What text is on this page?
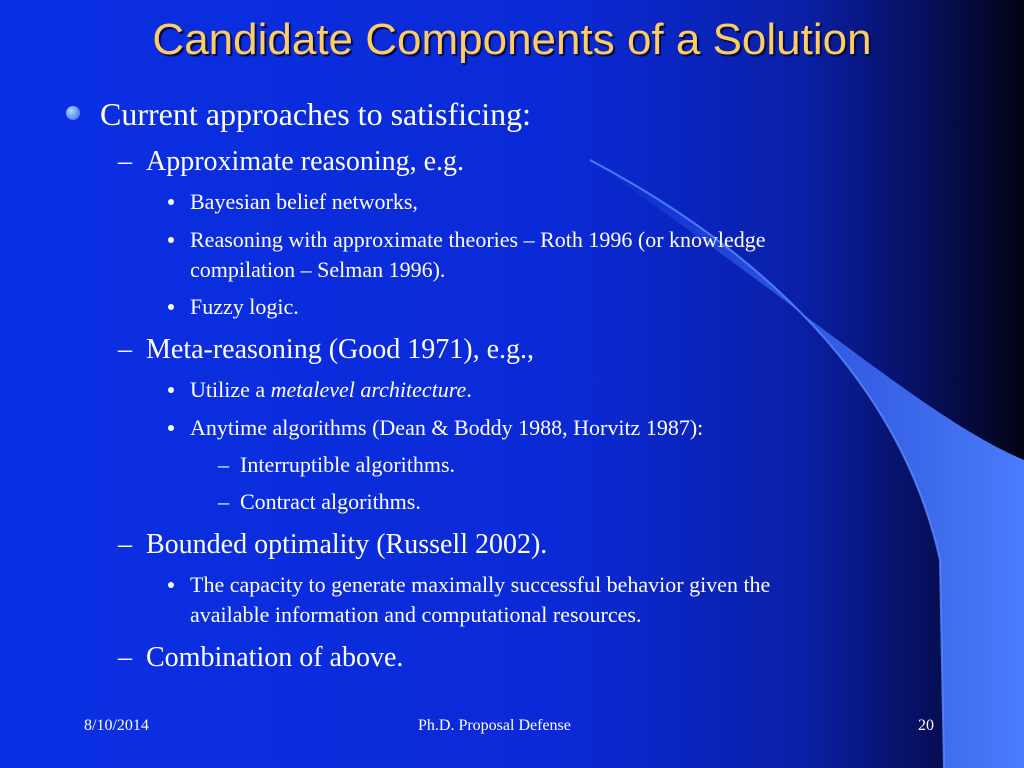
Candidate Components of a Solution
Current approaches to satisficing:
– Approximate reasoning, e.g.
Bayesian belief networks,
Reasoning with approximate theories – Roth 1996 (or knowledge
compilation – Selman 1996).
Fuzzy logic.
– Meta-reasoning (Good 1971), e.g.,
Utilize a metalevel architecture.
Anytime algorithms (Dean & Boddy 1988, Horvitz 1987):
– Interruptible algorithms.
– Contract algorithms.
– Bounded optimality (Russell 2002).
The capacity to generate maximally successful behavior given the
available information and computational resources.
– Combination of above.
8/10/2014	Ph.D. Proposal Defense	20
